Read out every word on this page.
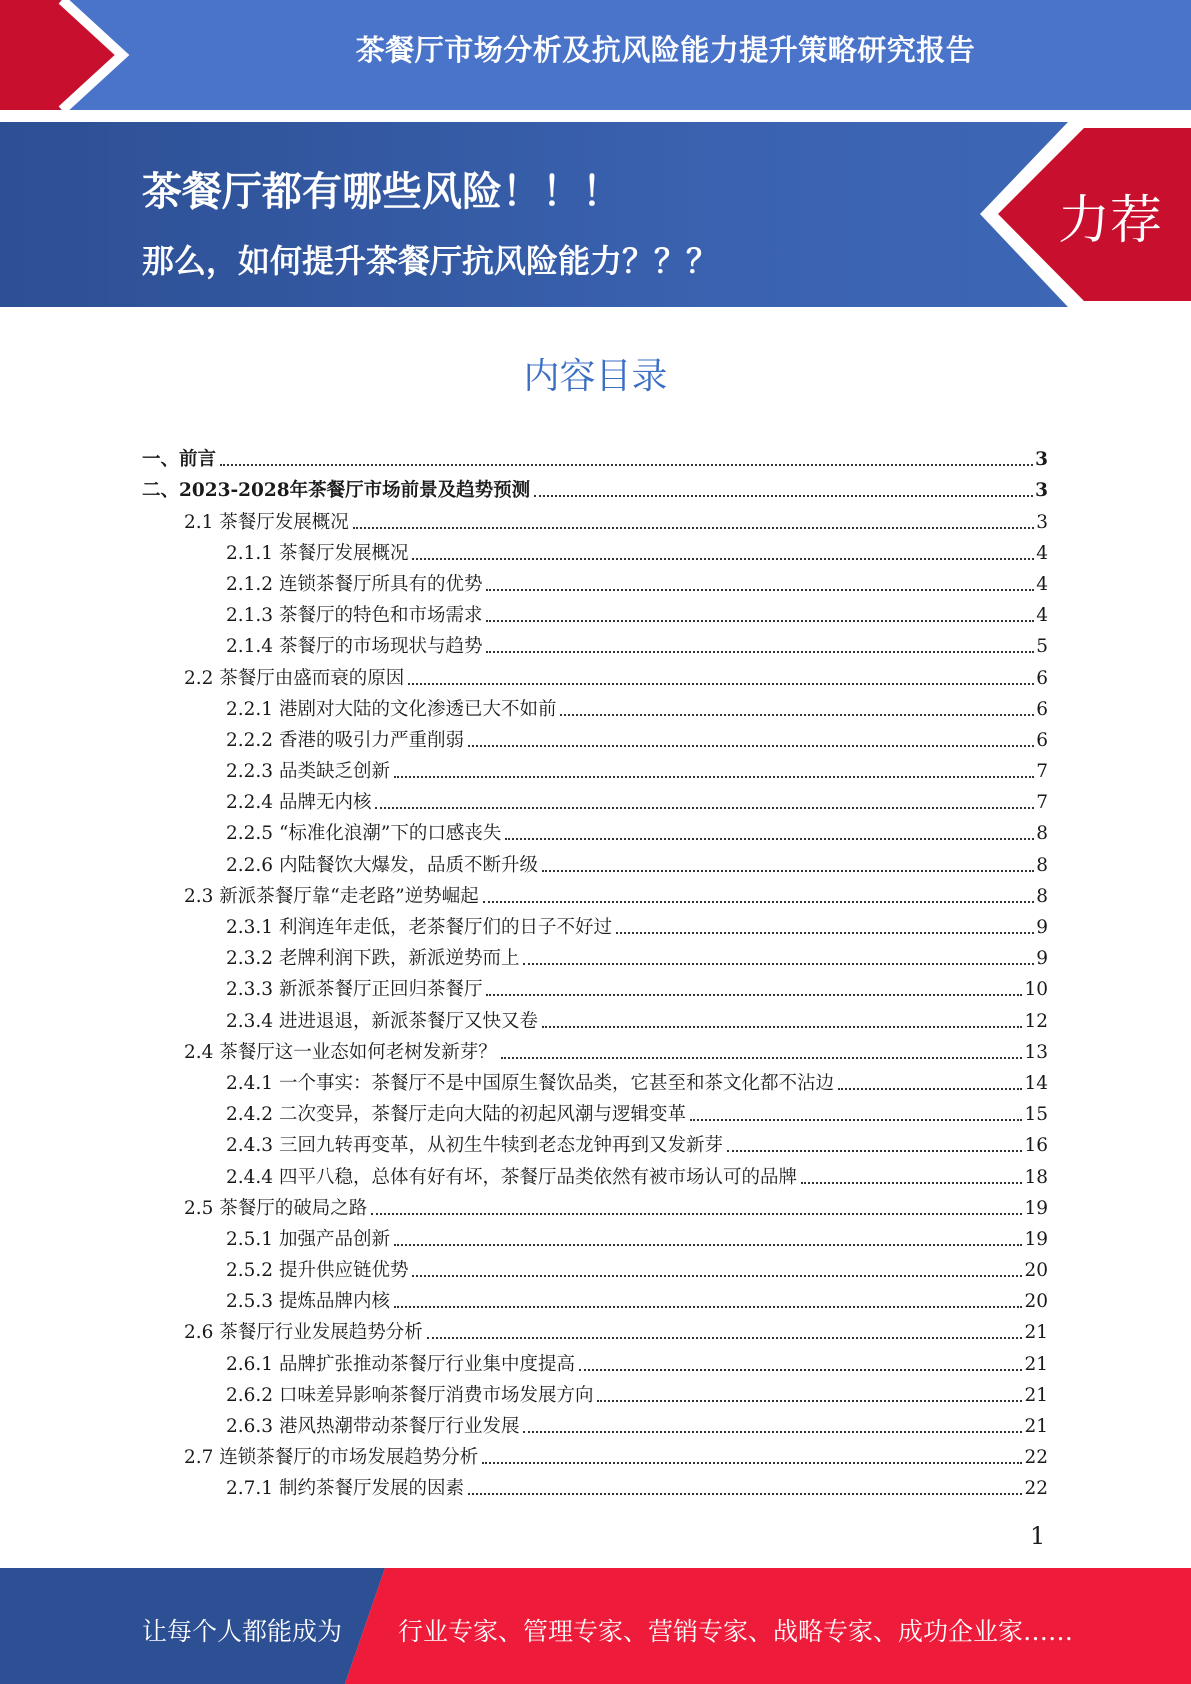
茶餐厅市场分析及抗风险能力提升策略研究报告
茶餐厅都有哪些风险！！！
那么，如何提升茶餐厅抗风险能力？？？
力荐
内容目录
一、前言	3
二、2023-2028年茶餐厅市场前景及趋势预测	3
2.1 茶餐厅发展概况	3
2.1.1 茶餐厅发展概况	4
2.1.2 连锁茶餐厅所具有的优势	4
2.1.3 茶餐厅的特色和市场需求	4
2.1.4 茶餐厅的市场现状与趋势	5
2.2 茶餐厅由盛而衰的原因	6
2.2.1 港剧对大陆的文化渗透已大不如前	6
2.2.2 香港的吸引力严重削弱	6
2.2.3 品类缺乏创新	7
2.2.4 品牌无内核	7
2.2.5 “标准化浪潮”下的口感丧失	8
2.2.6 内陆餐饮大爆发，品质不断升级	8
2.3 新派茶餐厅靠“走老路”逆势崛起	8
2.3.1 利润连年走低，老茶餐厅们的日子不好过	9
2.3.2 老牌利润下跌，新派逆势而上	9
2.3.3 新派茶餐厅正回归茶餐厅	10
2.3.4 进进退退，新派茶餐厅又快又卷	12
2.4 茶餐厅这一业态如何老树发新芽？	13
2.4.1 一个事实：茶餐厅不是中国原生餐饮品类，它甚至和茶文化都不沾边	14
2.4.2 二次变异，茶餐厅走向大陆的初起风潮与逻辑变革	15
2.4.3 三回九转再变革，从初生牛犊到老态龙钟再到又发新芽	16
2.4.4 四平八稳，总体有好有坏，茶餐厅品类依然有被市场认可的品牌	18
2.5 茶餐厅的破局之路	19
2.5.1 加强产品创新	19
2.5.2 提升供应链优势	20
2.5.3 提炼品牌内核	20
2.6 茶餐厅行业发展趋势分析	21
2.6.1 品牌扩张推动茶餐厅行业集中度提高	21
2.6.2 口味差异影响茶餐厅消费市场发展方向	21
2.6.3 港风热潮带动茶餐厅行业发展	21
2.7 连锁茶餐厅的市场发展趋势分析	22
2.7.1 制约茶餐厅发展的因素	22
1
让每个人都能成为 行业专家、管理专家、营销专家、战略专家、成功企业家……
